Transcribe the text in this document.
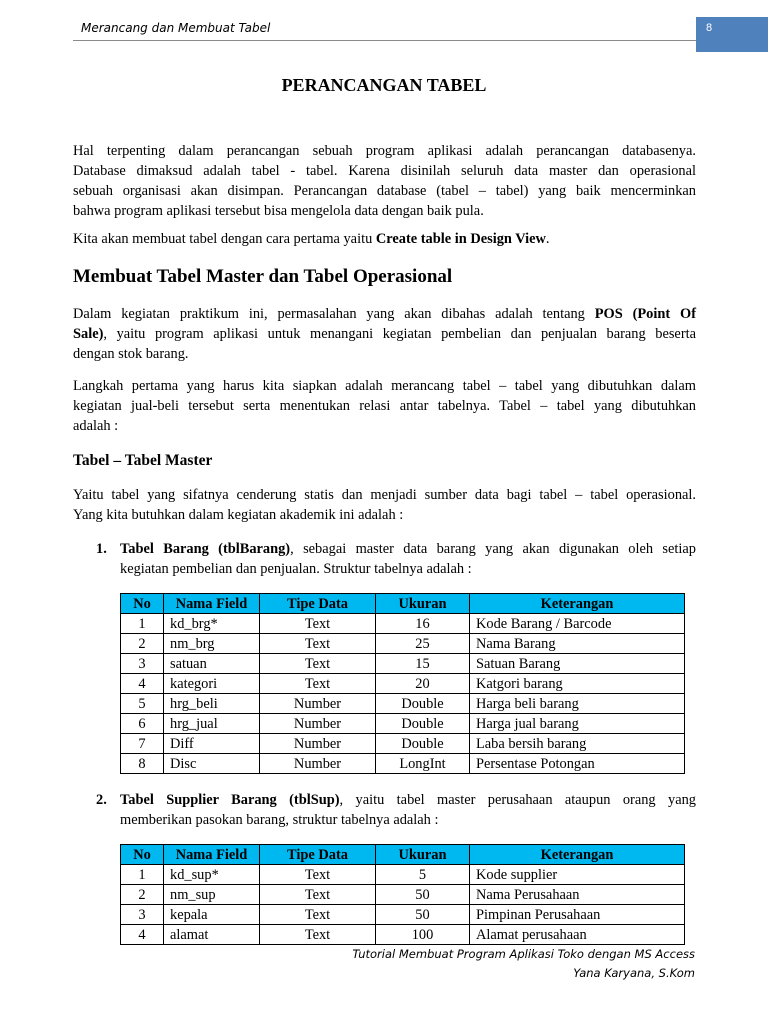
Merancang dan Membuat Tabel	8
PERANCANGAN TABEL

Hal terpenting dalam perancangan sebuah program aplikasi adalah perancangan databasenya.
Database dimaksud adalah tabel - tabel. Karena disinilah seluruh data master dan operasional
sebuah organisasi akan disimpan. Perancangan database (tabel – tabel) yang baik mencerminkan
bahwa program aplikasi tersebut bisa mengelola data dengan baik pula.

Kita akan membuat tabel dengan cara pertama yaitu Create table in Design View.

Membuat Tabel Master dan Tabel Operasional

Dalam kegiatan praktikum ini, permasalahan yang akan dibahas adalah tentang POS (Point Of
Sale), yaitu program aplikasi untuk menangani kegiatan pembelian dan penjualan barang beserta
dengan stok barang.

Langkah pertama yang harus kita siapkan adalah merancang tabel – tabel yang dibutuhkan dalam
kegiatan jual-beli tersebut serta menentukan relasi antar tabelnya. Tabel – tabel yang dibutuhkan
adalah :

Tabel – Tabel Master

Yaitu tabel yang sifatnya cenderung statis dan menjadi sumber data bagi tabel – tabel operasional.
Yang kita butuhkan dalam kegiatan akademik ini adalah :

1. Tabel Barang (tblBarang), sebagai master data barang yang akan digunakan oleh setiap
kegiatan pembelian dan penjualan. Struktur tabelnya adalah :

No	Nama Field	Tipe Data	Ukuran	Keterangan
1	kd_brg*	Text	16	Kode Barang / Barcode
2	nm_brg	Text	25	Nama Barang
3	satuan	Text	15	Satuan Barang
4	kategori	Text	20	Katgori barang
5	hrg_beli	Number	Double	Harga beli barang
6	hrg_jual	Number	Double	Harga jual barang
7	Diff	Number	Double	Laba bersih barang
8	Disc	Number	LongInt	Persentase Potongan
2. Tabel Supplier Barang (tblSup), yaitu tabel master perusahaan ataupun orang yang
memberikan pasokan barang, struktur tabelnya adalah :

No	Nama Field	Tipe Data	Ukuran	Keterangan
1	kd_sup*	Text	5	Kode supplier
2	nm_sup	Text	50	Nama Perusahaan
3	kepala	Text	50	Pimpinan Perusahaan
4	alamat	Text	100	Alamat perusahaan
Tutorial Membuat Program Aplikasi Toko dengan MS Access
Yana Karyana, S.Kom
